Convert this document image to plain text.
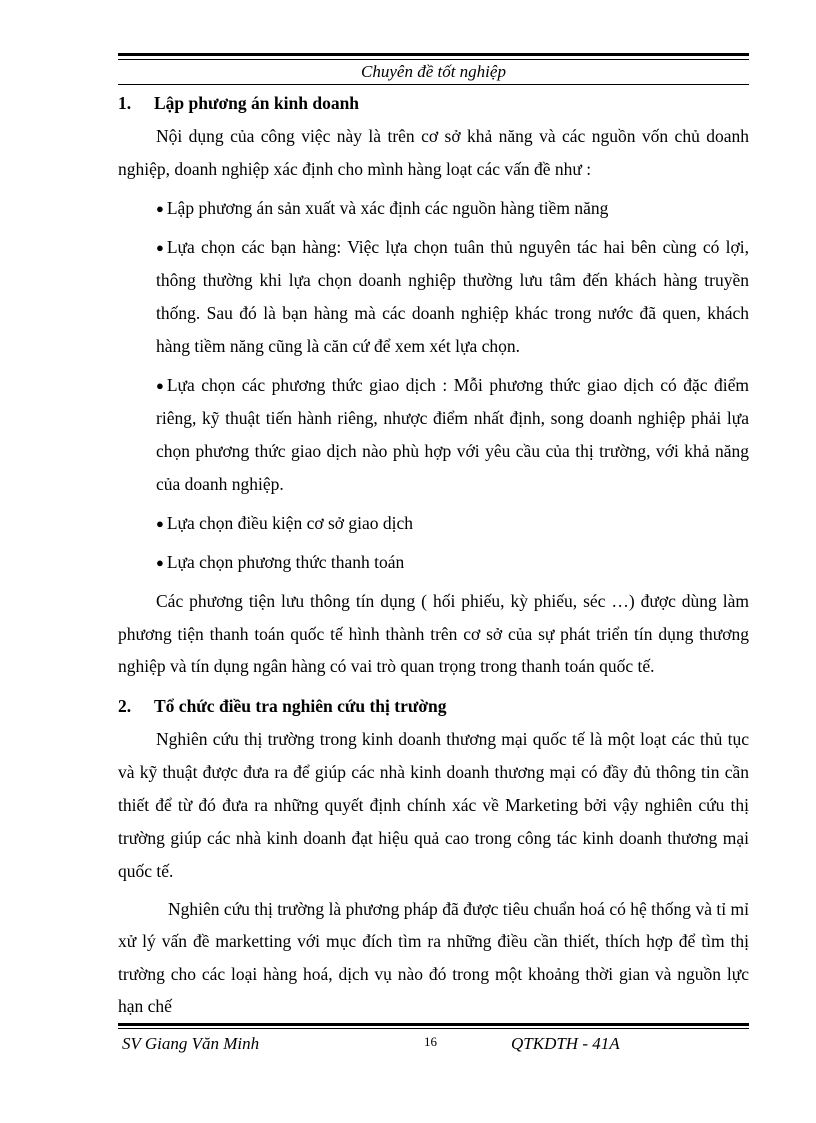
Chuyên đề tốt nghiệp
1. Lập phương án kinh doanh

Nội dụng của công việc này là trên cơ sở khả năng và các nguồn vốn chủ doanh nghiệp, doanh nghiệp xác định cho mình hàng loạt các vấn đề như :

● Lập phương án sản xuất và xác định các nguồn hàng tiềm năng

● Lựa chọn các bạn hàng: Việc lựa chọn tuân thủ nguyên tác hai bên cùng có lợi, thông thường khi lựa chọn doanh nghiệp thường lưu tâm đến khách hàng truyền thống. Sau đó là bạn hàng mà các doanh nghiệp khác trong nước đã quen, khách hàng tiềm năng cũng là căn cứ để xem xét lựa chọn.

● Lựa chọn các phương thức giao dịch : Mỗi phương thức giao dịch có đặc điểm riêng, kỹ thuật tiến hành riêng, nhược điểm nhất định, song doanh nghiệp phải lựa chọn phương thức giao dịch nào phù hợp với yêu cầu của thị trường, với khả năng của doanh nghiệp.

● Lựa chọn điều kiện cơ sở giao dịch

● Lựa chọn phương thức thanh toán

Các phương tiện lưu thông tín dụng ( hối phiếu, kỳ phiếu, séc …) được dùng làm phương tiện thanh toán quốc tế hình thành trên cơ sở của sự phát triển tín dụng thương nghiệp và tín dụng ngân hàng có vai trò quan trọng trong thanh toán quốc tế.

2. Tổ chức điều tra nghiên cứu thị trường

Nghiên cứu thị trường trong kinh doanh thương mại quốc tế là một loạt các thủ tục và kỹ thuật được đưa ra để giúp các nhà kinh doanh thương mại có đầy đủ thông tin cần thiết để từ đó đưa ra những quyết định chính xác về Marketing bởi vậy nghiên cứu thị trường giúp các nhà kinh doanh đạt hiệu quả cao trong công tác kinh doanh thương mại quốc tế.

Nghiên cứu thị trường là phương pháp đã được tiêu chuẩn hoá có hệ thống và tỉ mỉ xử lý vấn đề marketting với mục đích tìm ra những điều cần thiết, thích hợp để tìm thị trường cho các loại hàng hoá, dịch vụ nào đó trong một khoảng thời gian và nguồn lực hạn chế

SV Giang Văn Minh	16	QTKDTH - 41A
